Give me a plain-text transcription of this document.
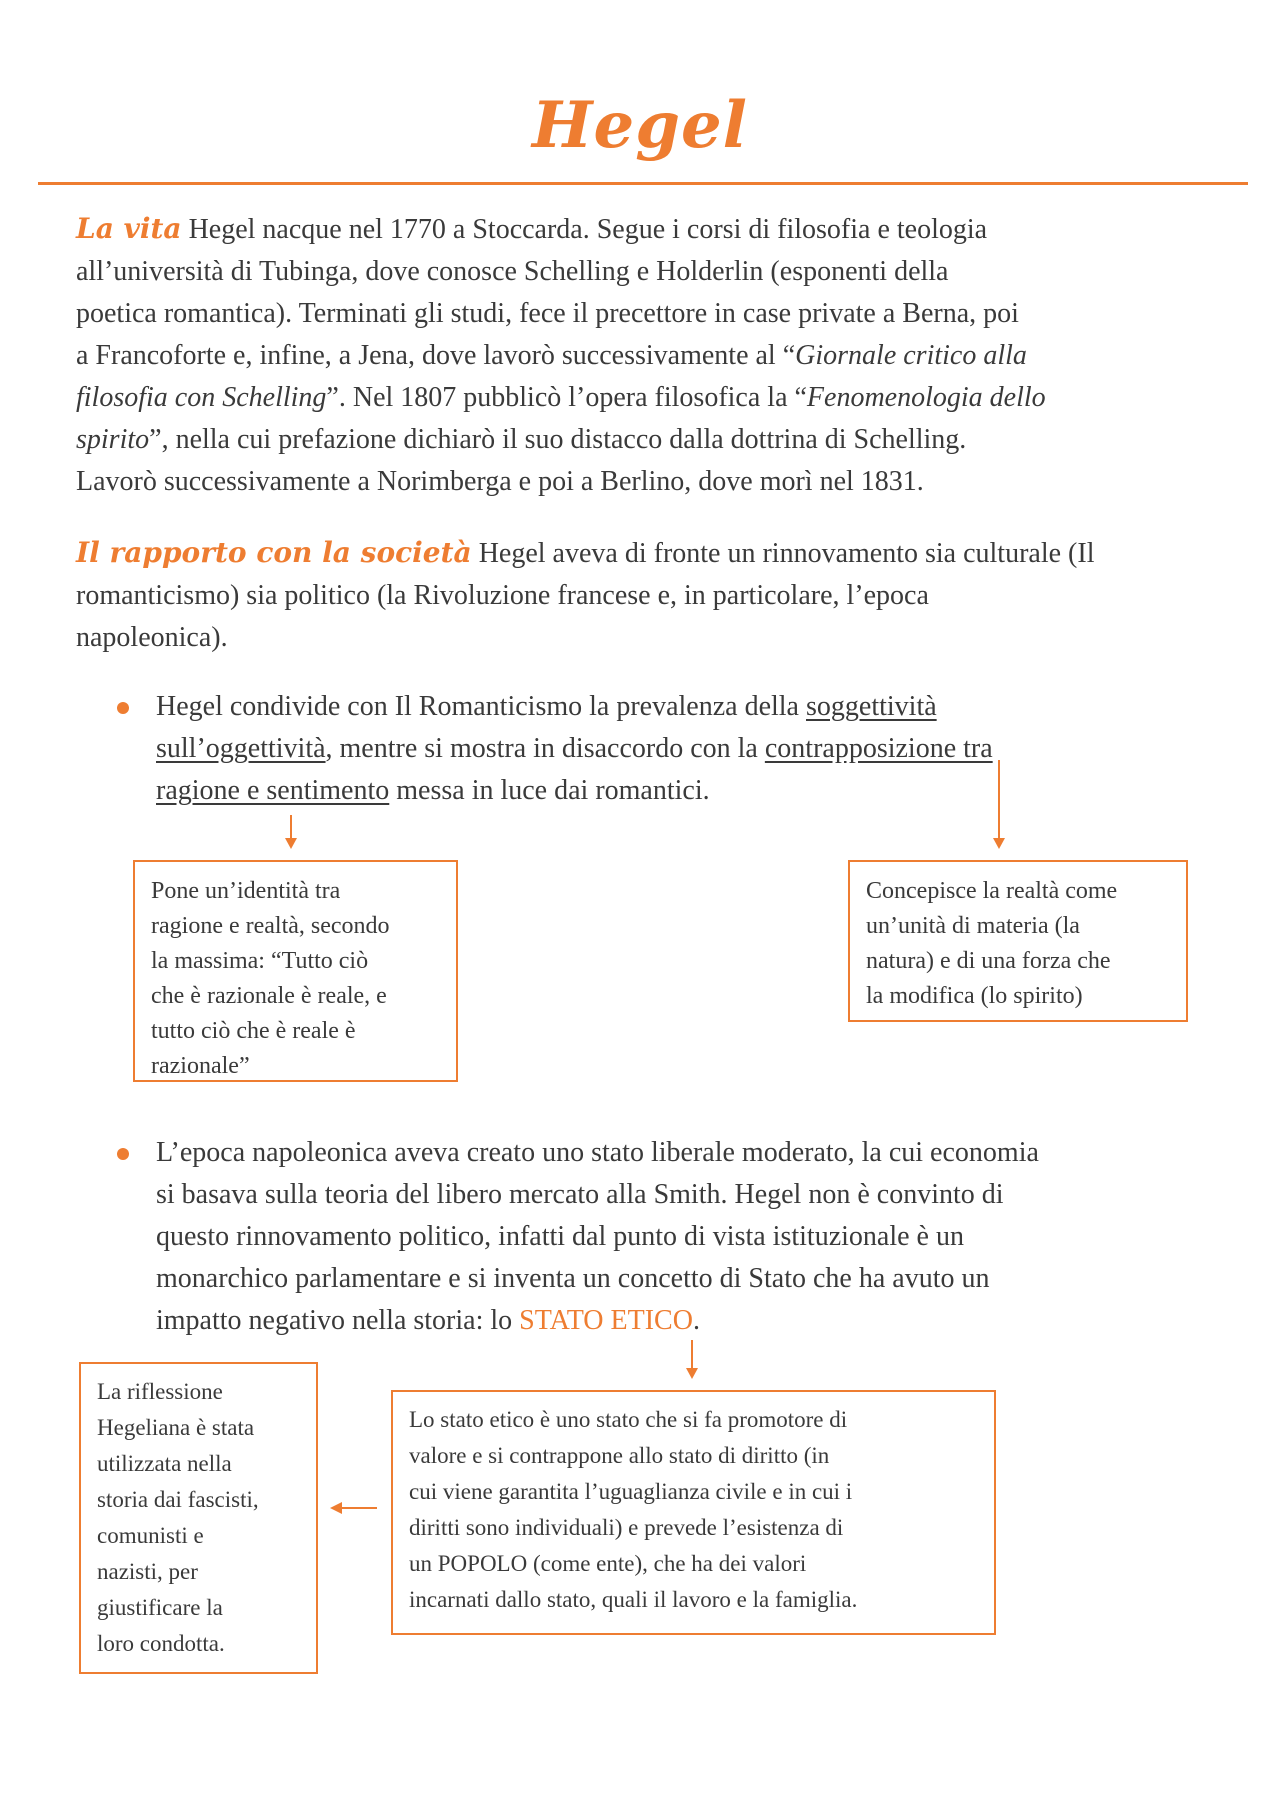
Hegel
La vita Hegel nacque nel 1770 a Stoccarda. Segue i corsi di filosofia e teologia
all’università di Tubinga, dove conosce Schelling e Holderlin (esponenti della
poetica romantica). Terminati gli studi, fece il precettore in case private a Berna, poi
a Francoforte e, infine, a Jena, dove lavorò successivamente al “Giornale critico alla
filosofia con Schelling”. Nel 1807 pubblicò l’opera filosofica la “Fenomenologia dello
spirito”, nella cui prefazione dichiarò il suo distacco dalla dottrina di Schelling.
Lavorò successivamente a Norimberga e poi a Berlino, dove morì nel 1831.
Il rapporto con la società Hegel aveva di fronte un rinnovamento sia culturale (Il
romanticismo) sia politico (la Rivoluzione francese e, in particolare, l’epoca
napoleonica).
Hegel condivide con Il Romanticismo la prevalenza della soggettività
sull’oggettività, mentre si mostra in disaccordo con la contrapposizione tra
ragione e sentimento messa in luce dai romantici.
Pone un’identità tra
ragione e realtà, secondo
la massima: “Tutto ciò
che è razionale è reale, e
tutto ciò che è reale è
razionale”
Concepisce la realtà come
un’unità di materia (la
natura) e di una forza che
la modifica (lo spirito)
L’epoca napoleonica aveva creato uno stato liberale moderato, la cui economia
si basava sulla teoria del libero mercato alla Smith. Hegel non è convinto di
questo rinnovamento politico, infatti dal punto di vista istituzionale è un
monarchico parlamentare e si inventa un concetto di Stato che ha avuto un
impatto negativo nella storia: lo STATO ETICO.
La riflessione
Hegeliana è stata
utilizzata nella
storia dai fascisti,
comunisti e
nazisti, per
giustificare la
loro condotta.
Lo stato etico è uno stato che si fa promotore di
valore e si contrappone allo stato di diritto (in
cui viene garantita l’uguaglianza civile e in cui i
diritti sono individuali) e prevede l’esistenza di
un POPOLO (come ente), che ha dei valori
incarnati dallo stato, quali il lavoro e la famiglia.
